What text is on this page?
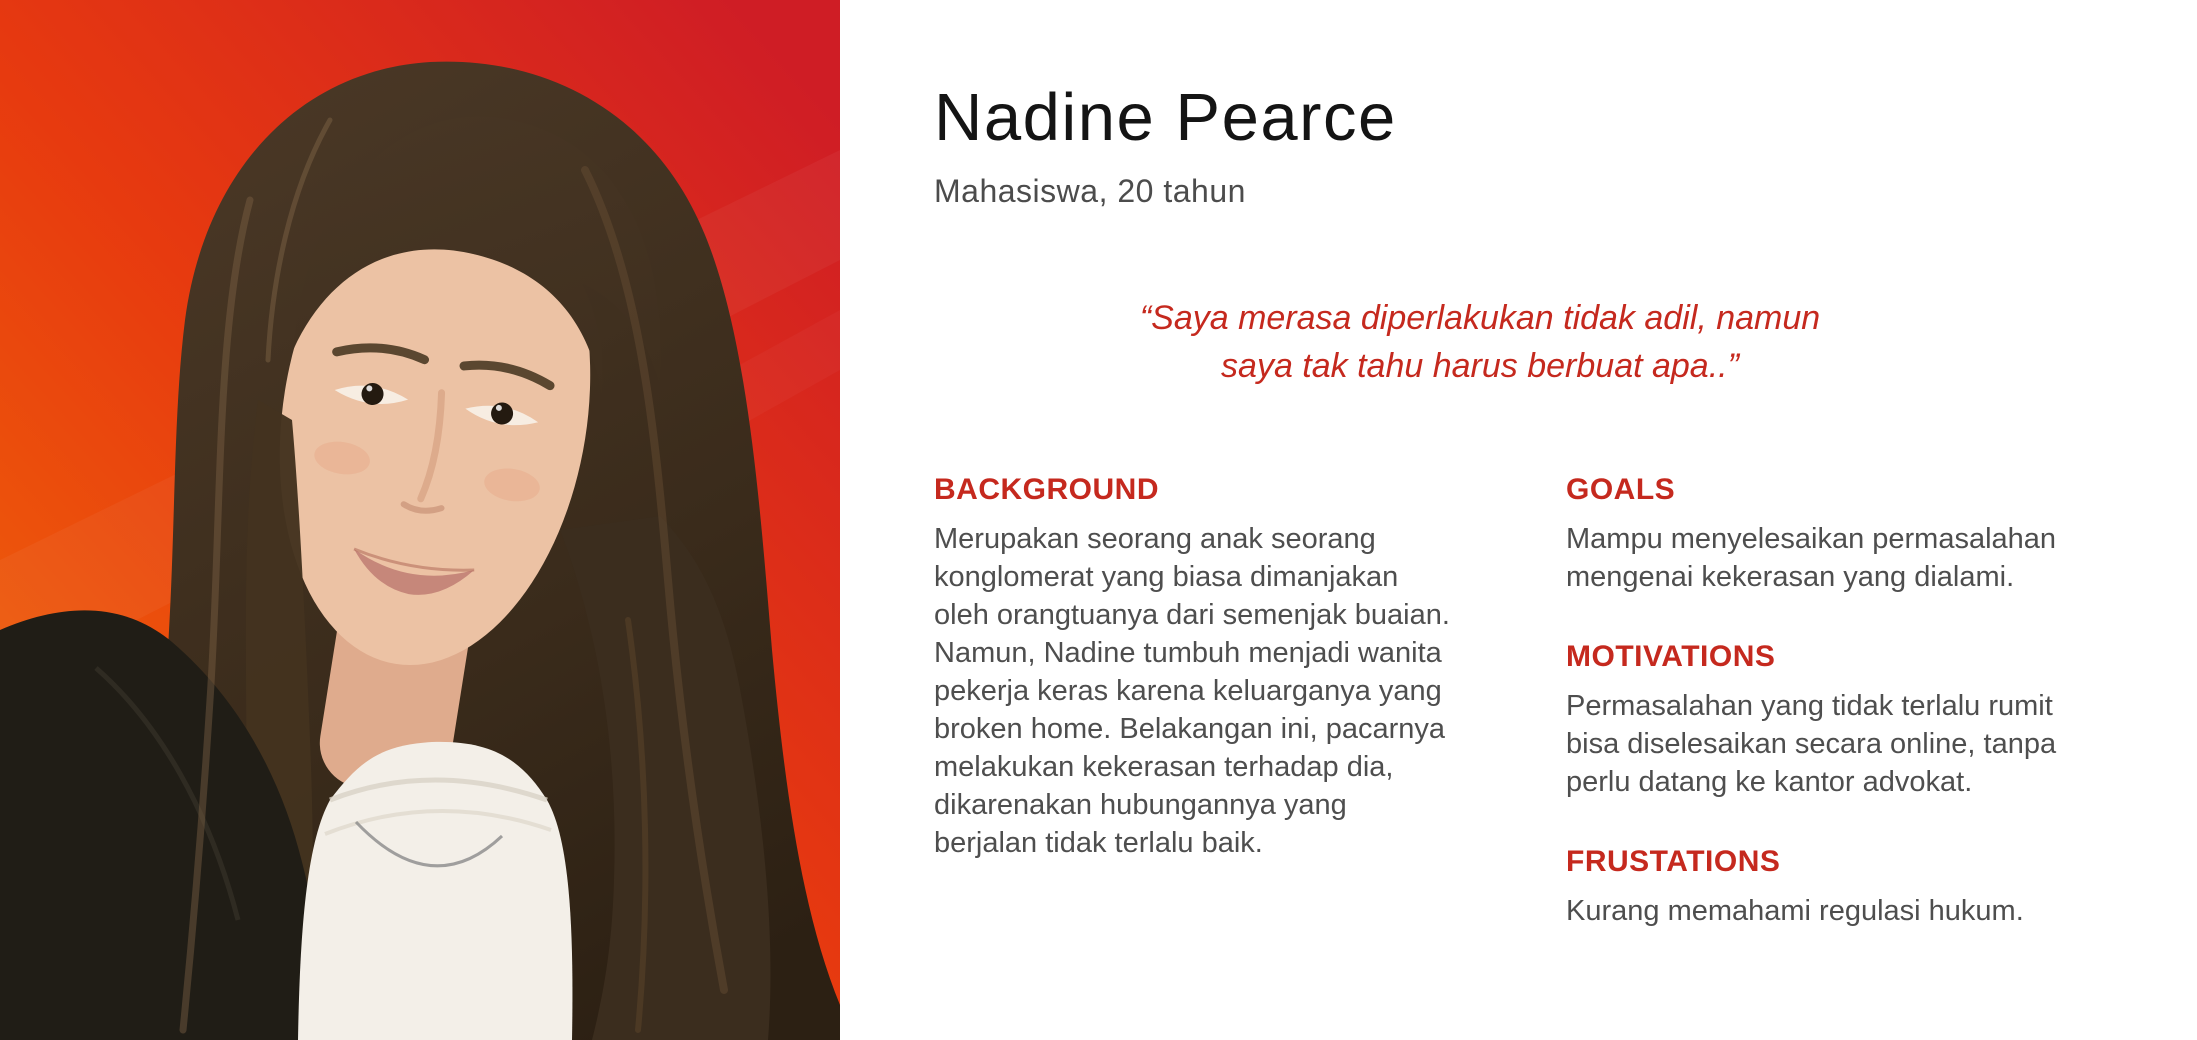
Nadine Pearce
Mahasiswa, 20 tahun
“Saya merasa diperlakukan tidak adil, namun
saya tak tahu harus berbuat apa..”
BACKGROUND

Merupakan seorang anak seorang konglomerat yang biasa dimanjakan oleh orangtuanya dari semenjak buaian. Namun, Nadine tumbuh menjadi wanita pekerja keras karena keluarganya yang broken home. Belakangan ini, pacarnya melakukan kekerasan terhadap dia, dikarenakan hubungannya yang berjalan tidak terlalu baik.

GOALS

Mampu menyelesaikan permasalahan mengenai kekerasan yang dialami.

MOTIVATIONS

Permasalahan yang tidak terlalu rumit bisa diselesaikan secara online, tanpa perlu datang ke kantor advokat.

FRUSTATIONS

Kurang memahami regulasi hukum.
